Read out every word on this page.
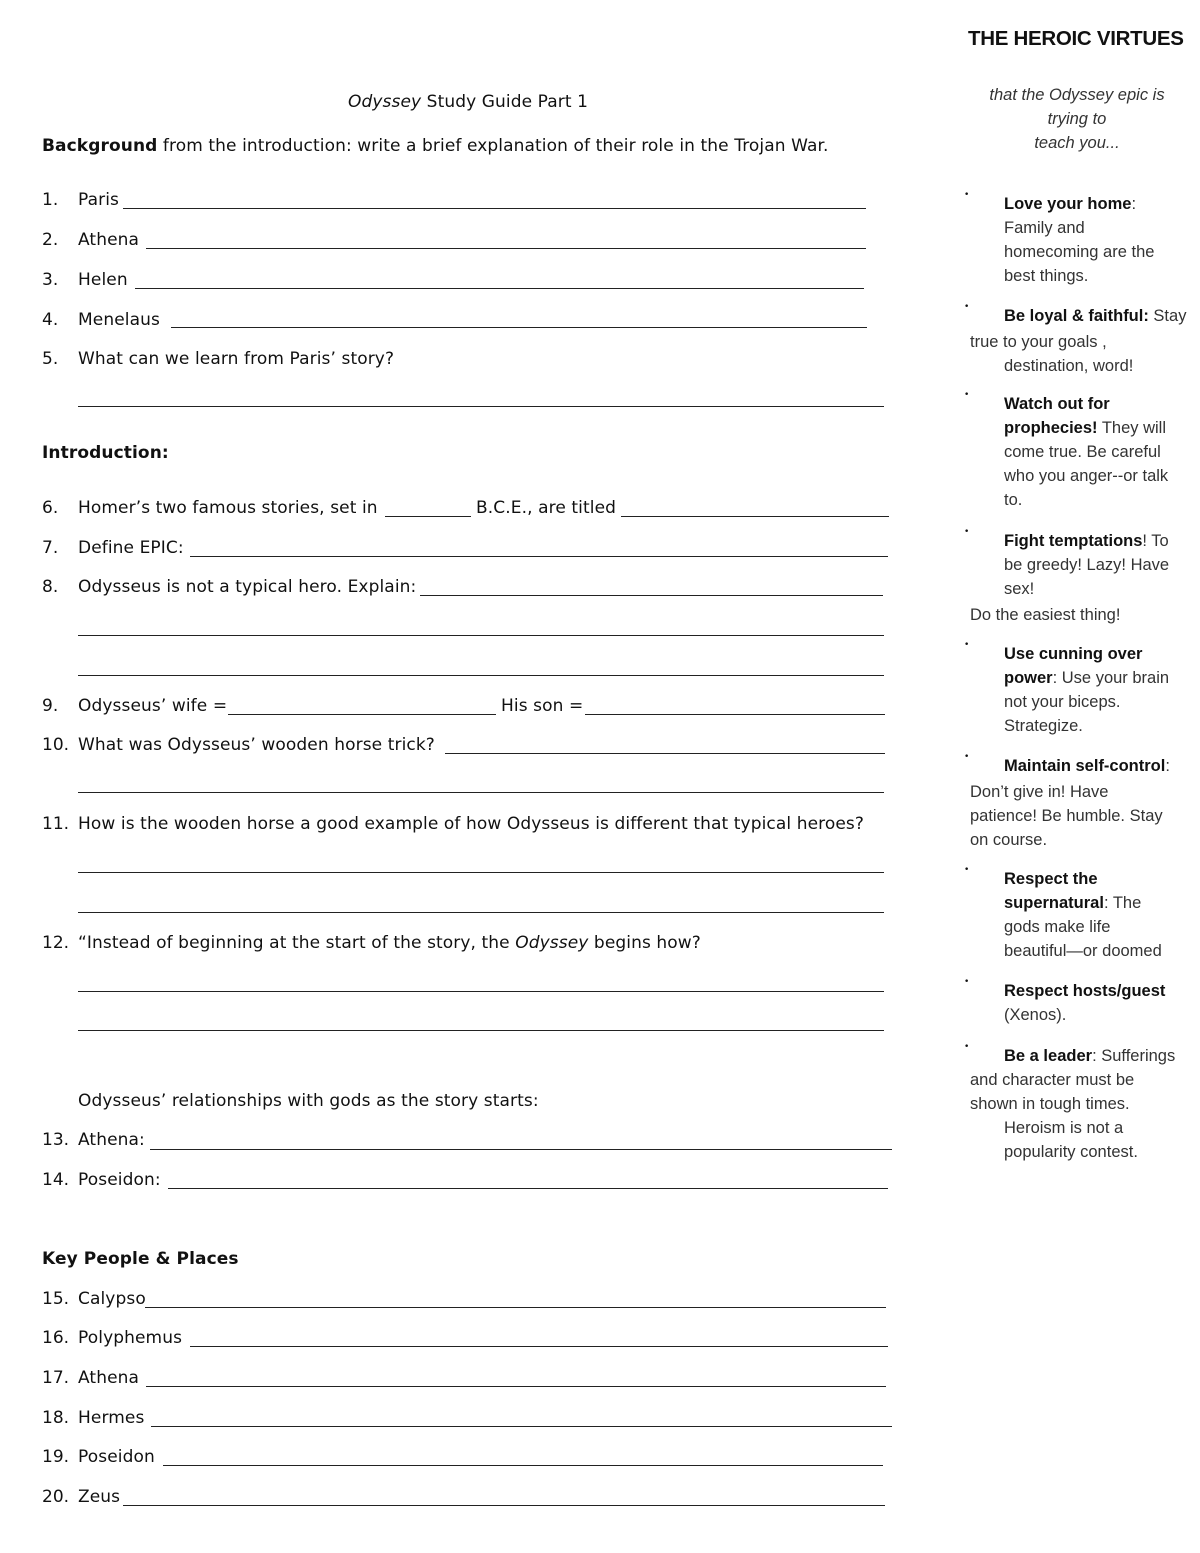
Odyssey Study Guide Part 1
Background from the introduction: write a brief explanation of their role in the Trojan War.
1. Paris
2. Athena
3. Helen
4. Menelaus
5. What can we learn from Paris’ story?
Introduction:
6. Homer’s two famous stories, set in	B.C.E., are titled
7. Define EPIC:
8. Odysseus is not a typical hero. Explain:
9. Odysseus’ wife =	His son =
10. What was Odysseus’ wooden horse trick?
11. How is the wooden horse a good example of how Odysseus is different that typical heroes?
12. “Instead of beginning at the start of the story, the Odyssey begins how?
Odysseus’ relationships with gods as the story starts:
13. Athena:
14. Poseidon:
Key People & Places
15. Calypso
16. Polyphemus
17. Athena
18. Hermes
19. Poseidon
20. Zeus
THE HEROIC VIRTUES
that the Odyssey epic is
trying to
teach you...
• Love your home:
Family and
homecoming are the
best things.
• Be loyal & faithful: Stay
true to your goals ,
destination, word!
• Watch out for
prophecies! They will
come true. Be careful
who you anger--or talk
to.
• Fight temptations! To
be greedy! Lazy! Have
sex!
Do the easiest thing!
• Use cunning over
power: Use your brain
not your biceps.
Strategize.
• Maintain self-control:
Don’t give in! Have
patience! Be humble. Stay
on course.
• Respect the
supernatural: The
gods make life
beautiful—or doomed
• Respect hosts/guest
(Xenos).
• Be a leader: Sufferings
and character must be
shown in tough times.
Heroism is not a
popularity contest.
